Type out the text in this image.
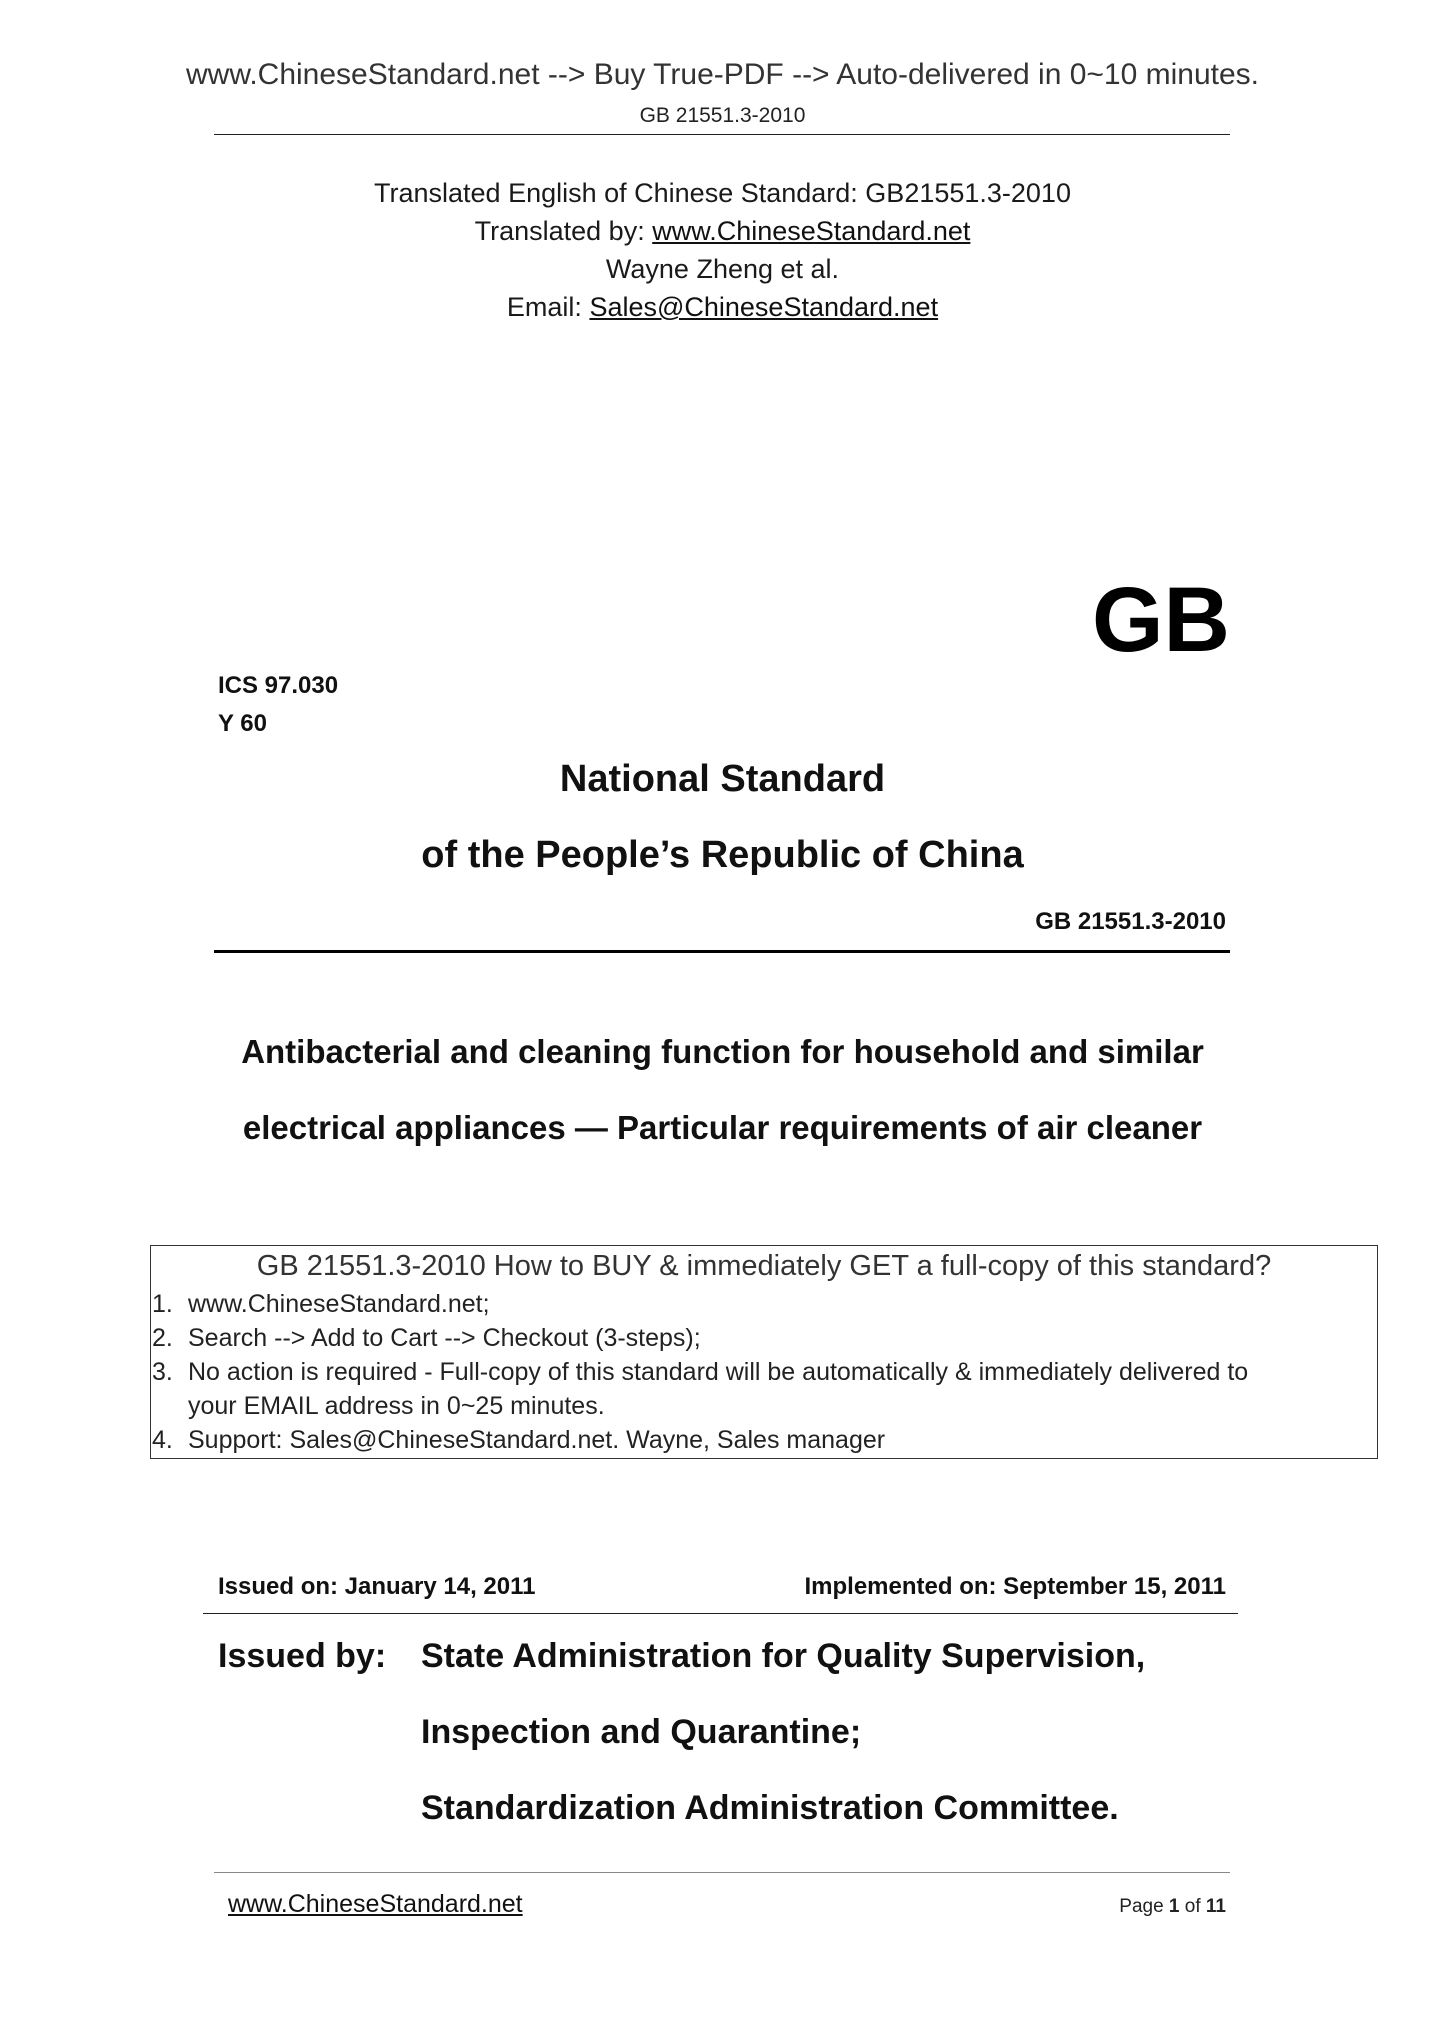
www.ChineseStandard.net --> Buy True-PDF --> Auto-delivered in 0~10 minutes.
GB 21551.3-2010
Translated English of Chinese Standard: GB21551.3-2010
Translated by: www.ChineseStandard.net
Wayne Zheng et al.
Email: Sales@ChineseStandard.net
GB
ICS 97.030
Y 60
National Standard
of the People’s Republic of China
GB 21551.3-2010
Antibacterial and cleaning function for household and similar
electrical appliances — Particular requirements of air cleaner
GB 21551.3-2010 How to BUY & immediately GET a full-copy of this standard?
1. www.ChineseStandard.net;
2. Search --> Add to Cart --> Checkout (3-steps);
3. No action is required - Full-copy of this standard will be automatically & immediately delivered to
your EMAIL address in 0~25 minutes.
4. Support: Sales@ChineseStandard.net. Wayne, Sales manager
Issued on: January 14, 2011	Implemented on: September 15, 2011
Issued by: State Administration for Quality Supervision,
Inspection and Quarantine;
Standardization Administration Committee.
www.ChineseStandard.net	Page 1 of 11
